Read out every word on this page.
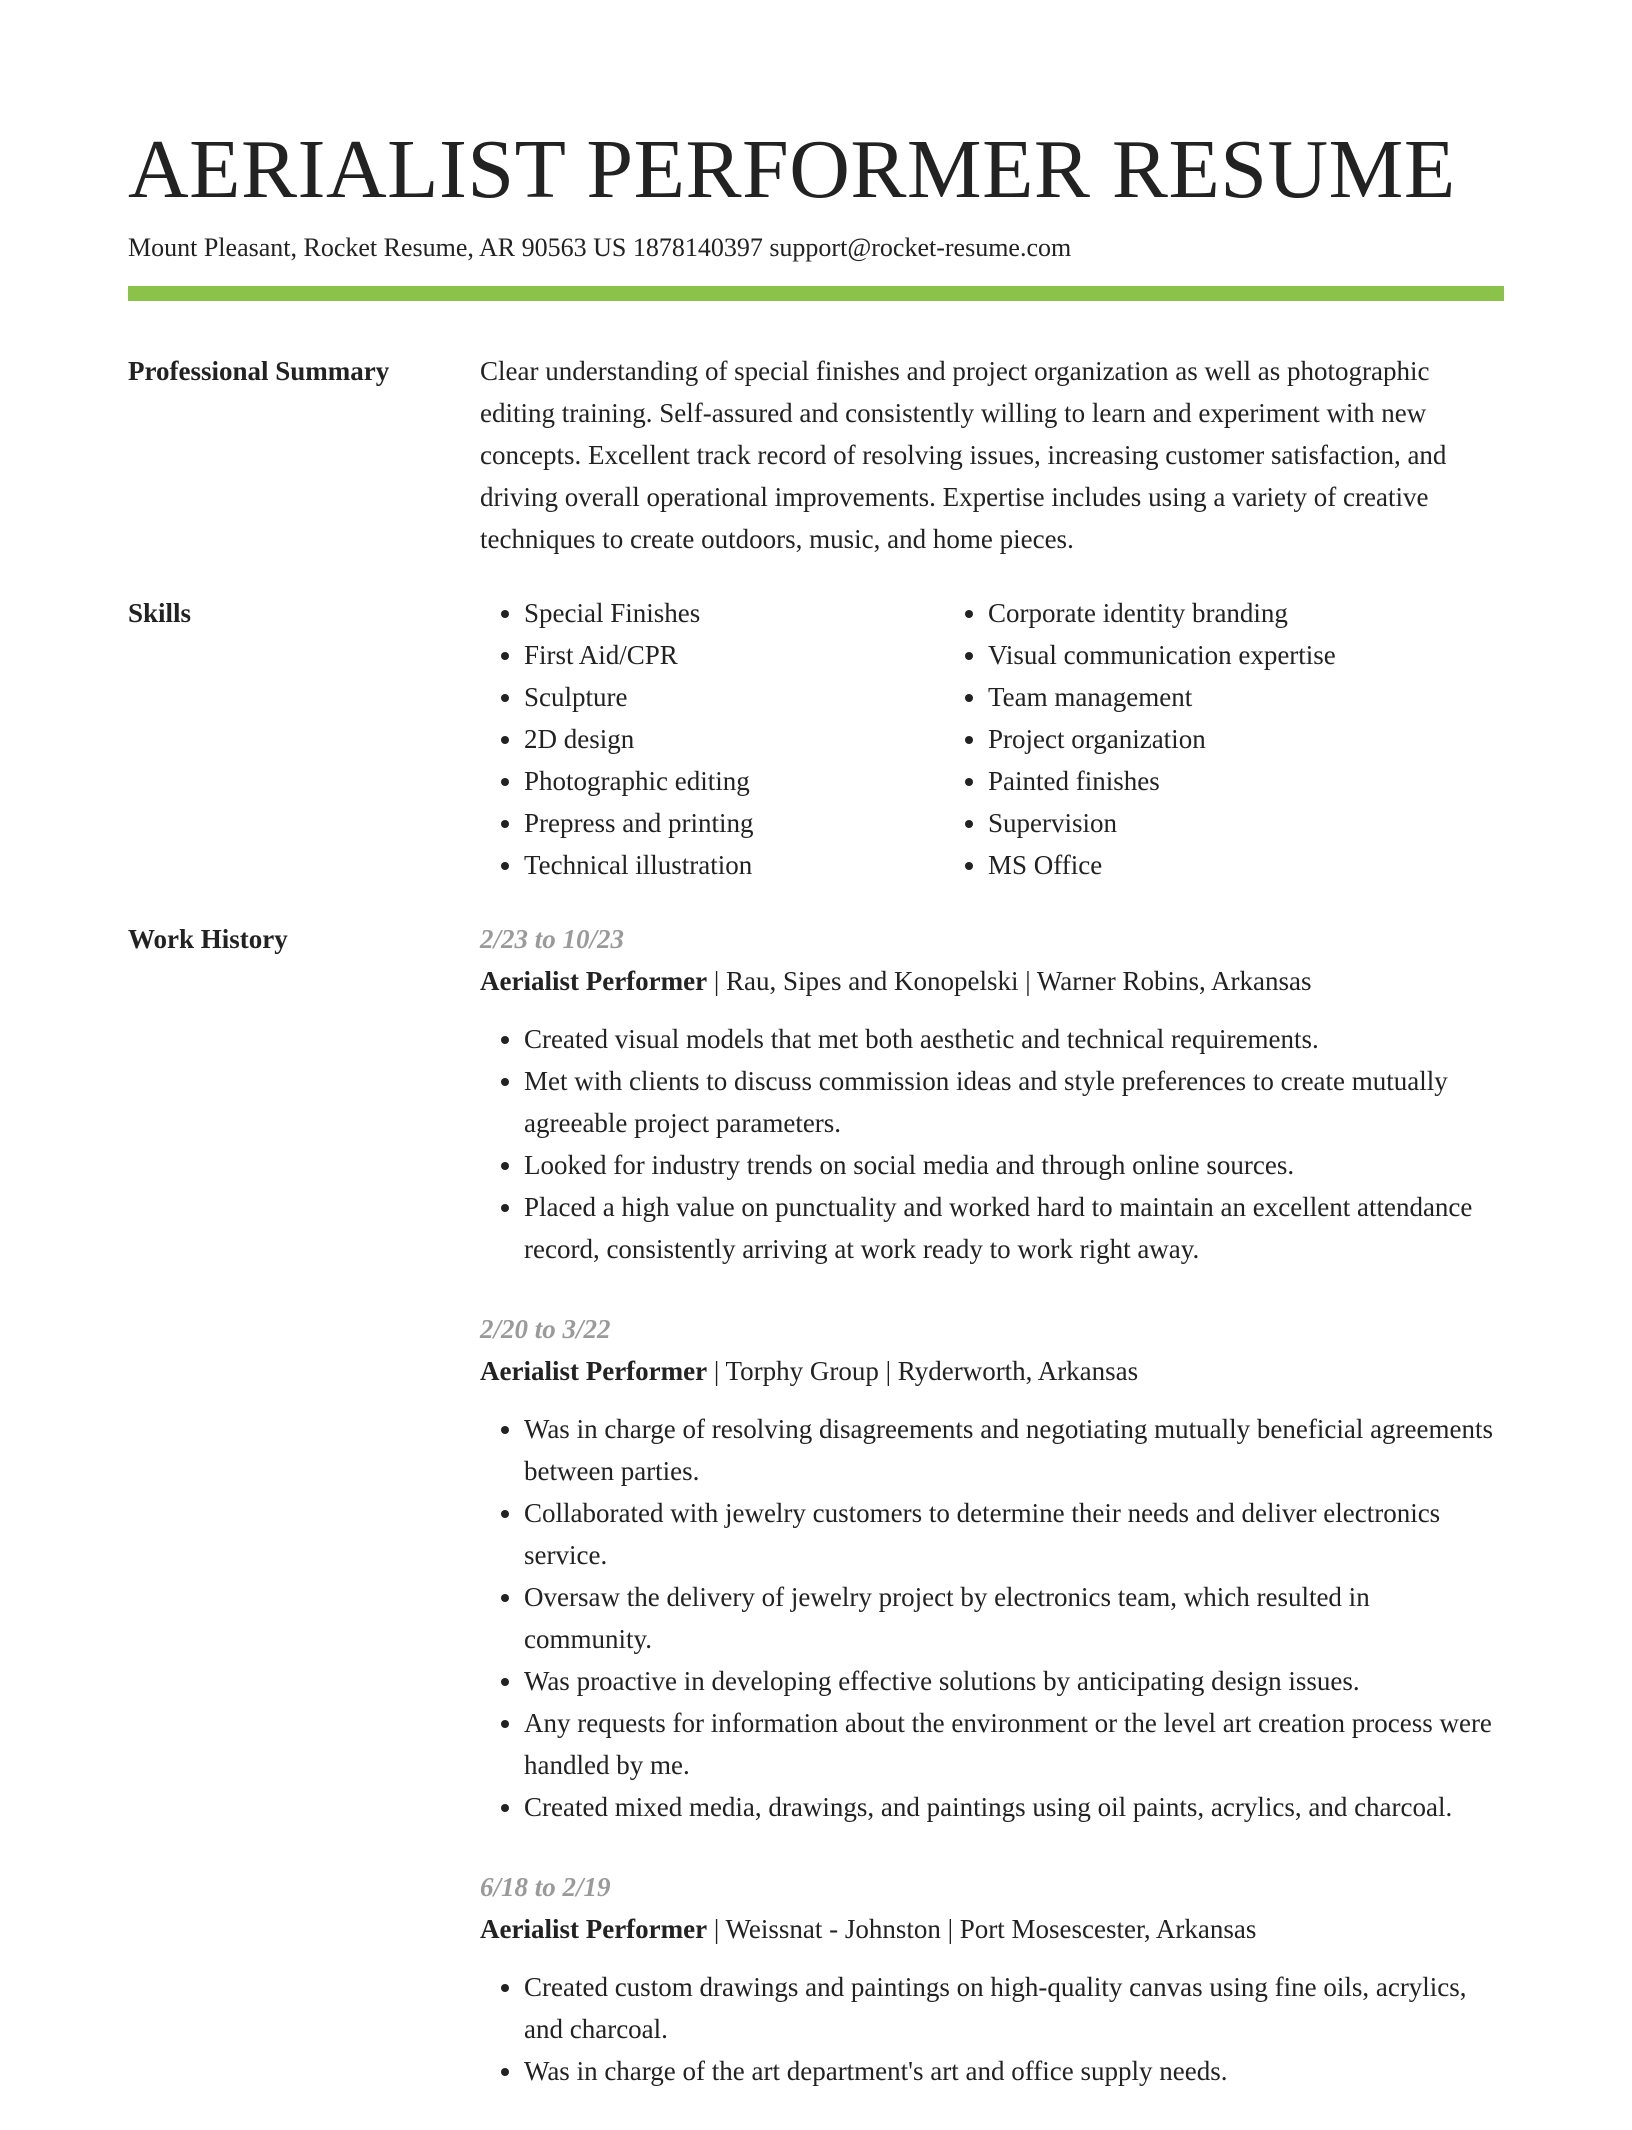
AERIALIST PERFORMER RESUME
Mount Pleasant, Rocket Resume, AR 90563 US 1878140397 support@rocket-resume.com
Professional Summary	Clear understanding of special finishes and project organization as well as photographic editing training. Self-assured and consistently willing to learn and experiment with new concepts. Excellent track record of resolving issues, increasing customer satisfaction, and driving overall operational improvements. Expertise includes using a variety of creative techniques to create outdoors, music, and home pieces.

Skills
•	Special Finishes
• First Aid/CPR
• Sculpture
• 2D design
• Photographic editing
• Prepress and printing
• Technical illustration
• Corporate identity branding
• Visual communication expertise
• Team management
• Project organization
• Painted finishes
• Supervision
• MS Office
Work History	2/23 to 10/23
Aerialist Performer | Rau, Sipes and Konopelski | Warner Robins, Arkansas
• Created visual models that met both aesthetic and technical requirements.
• Met with clients to discuss commission ideas and style preferences to create mutually agreeable project parameters.
• Looked for industry trends on social media and through online sources.
• Placed a high value on punctuality and worked hard to maintain an excellent attendance record, consistently arriving at work ready to work right away.
2/20 to 3/22
Aerialist Performer | Torphy Group | Ryderworth, Arkansas
• Was in charge of resolving disagreements and negotiating mutually beneficial agreements between parties.
• Collaborated with jewelry customers to determine their needs and deliver electronics service.
• Oversaw the delivery of jewelry project by electronics team, which resulted in community.
• Was proactive in developing effective solutions by anticipating design issues.
• Any requests for information about the environment or the level art creation process were handled by me.
• Created mixed media, drawings, and paintings using oil paints, acrylics, and charcoal.
6/18 to 2/19
Aerialist Performer | Weissnat - Johnston | Port Mosescester, Arkansas
• Created custom drawings and paintings on high-quality canvas using fine oils, acrylics, and charcoal.
• Was in charge of the art department's art and office supply needs.
